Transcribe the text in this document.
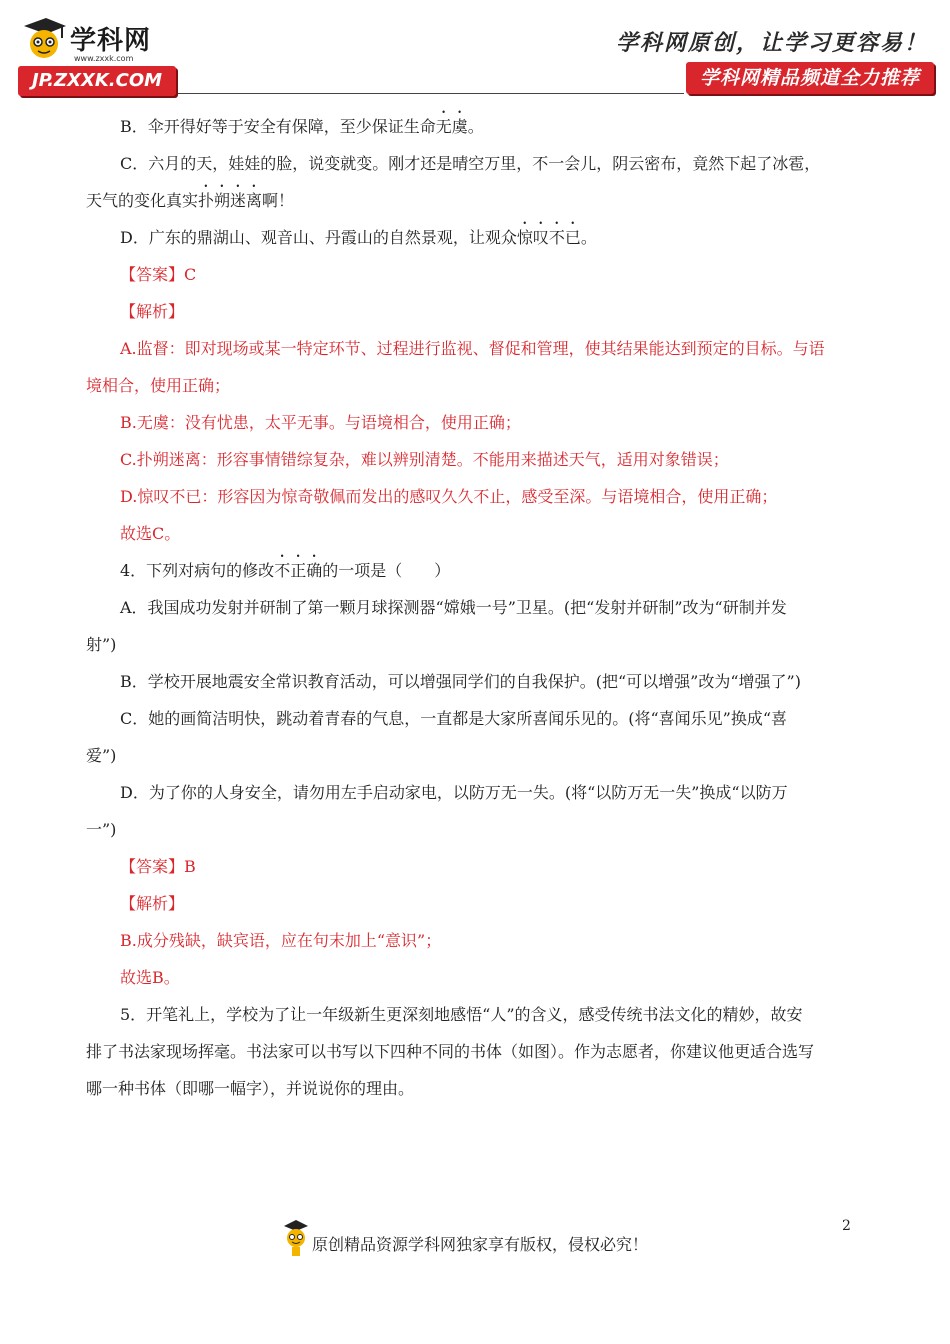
学科网
www.zxxk.com
JP.ZXXK.COM
学科网原创，让学习更容易！
学科网精品频道全力推荐

B．伞开得好等于安全有保障，至少保证生命无虞。

C．六月的天，娃娃的脸，说变就变。刚才还是晴空万里，不一会儿，阴云密布，竟然下起了冰雹，

天气的变化真实扑朔迷离啊！

D．广东的鼎湖山、观音山、丹霞山的自然景观，让观众惊叹不已。

【答案】C

【解析】

A.监督：即对现场或某一特定环节、过程进行监视、督促和管理，使其结果能达到预定的目标。与语

境相合，使用正确；

B.无虞：没有忧患，太平无事。与语境相合，使用正确；

C.扑朔迷离：形容事情错综复杂，难以辨别清楚。不能用来描述天气，适用对象错误；

D.惊叹不已：形容因为惊奇敬佩而发出的感叹久久不止，感受至深。与语境相合，使用正确；

故选C。

4．下列对病句的修改不正确的一项是（　　）

A．我国成功发射并研制了第一颗月球探测器“嫦娥一号”卫星。(把“发射并研制”改为“研制并发

射”)

B．学校开展地震安全常识教育活动，可以增强同学们的自我保护。(把“可以增强”改为“增强了”)

C．她的画简洁明快，跳动着青春的气息，一直都是大家所喜闻乐见的。(将“喜闻乐见”换成“喜

爱”)

D．为了你的人身安全，请勿用左手启动家电，以防万无一失。(将“以防万无一失”换成“以防万

一”)

【答案】B

【解析】

B.成分残缺，缺宾语，应在句末加上“意识”；

故选B。

5．开笔礼上，学校为了让一年级新生更深刻地感悟“人”的含义，感受传统书法文化的精妙，故安

排了书法家现场挥毫。书法家可以书写以下四种不同的书体（如图）。作为志愿者，你建议他更适合选写

哪一种书体（即哪一幅字），并说说你的理由。

2
原创精品资源学科网独家享有版权，侵权必究！
